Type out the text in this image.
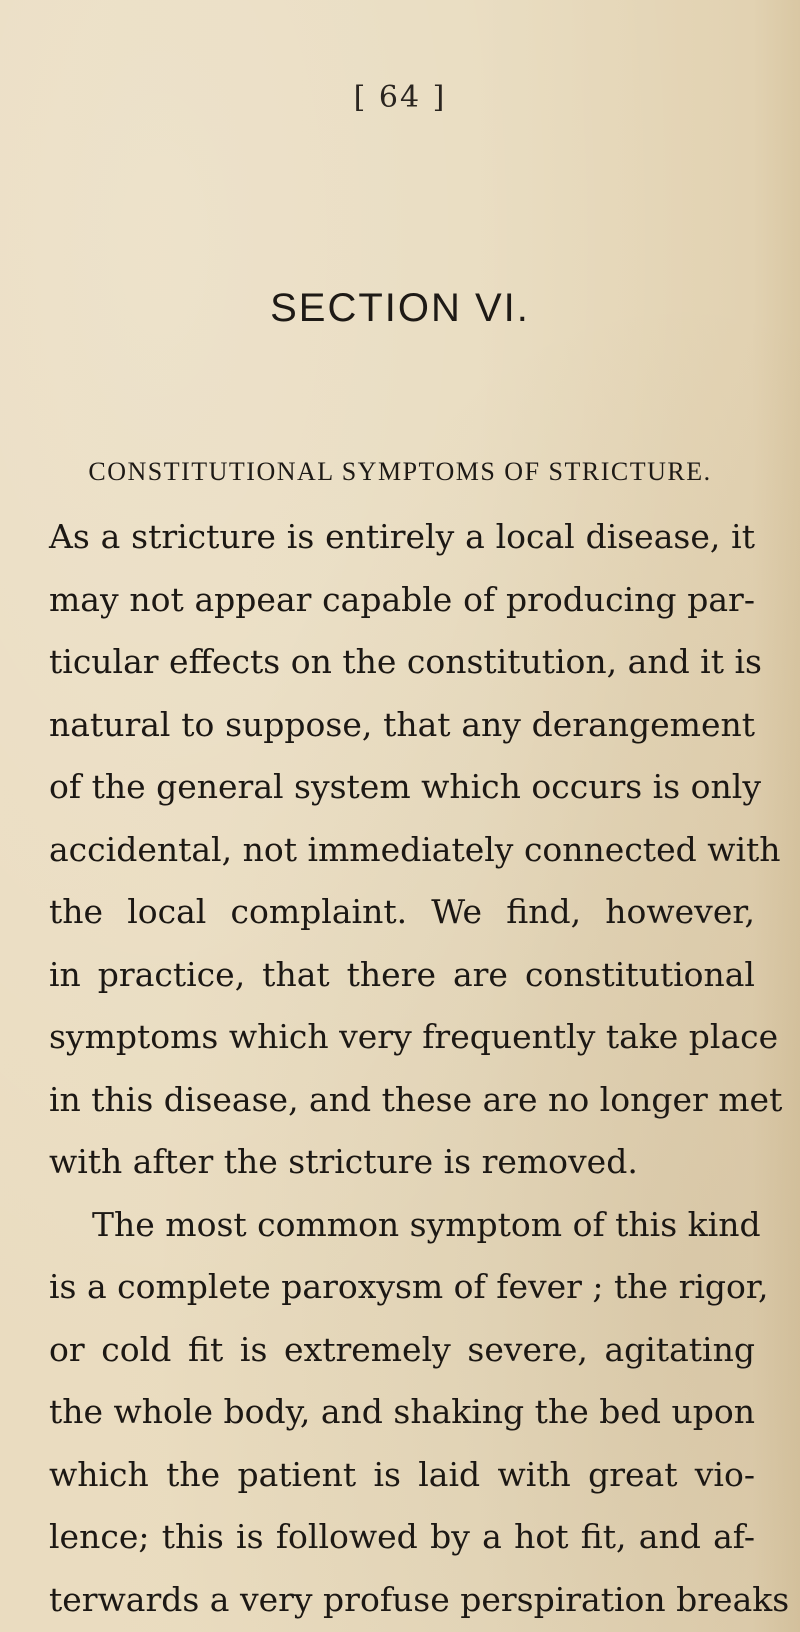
[ 64 ]
SECTION VI.
CONSTITUTIONAL SYMPTOMS OF STRICTURE.
As a stricture is entirely a local disease, it
may not appear capable of producing par-
ticular effects on the constitution, and it is
natural to suppose, that any derangement
of the general system which occurs is only
accidental, not immediately connected with
the local complaint. We find, however,
in practice, that there are constitutional
symptoms which very frequently take place
in this disease, and these are no longer met
with after the stricture is removed.
The most common symptom of this kind
is a complete paroxysm of fever ; the rigor,
or cold fit is extremely severe, agitating
the whole body, and shaking the bed upon
which the patient is laid with great vio-
lence; this is followed by a hot fit, and af-
terwards a very profuse perspiration breaks
